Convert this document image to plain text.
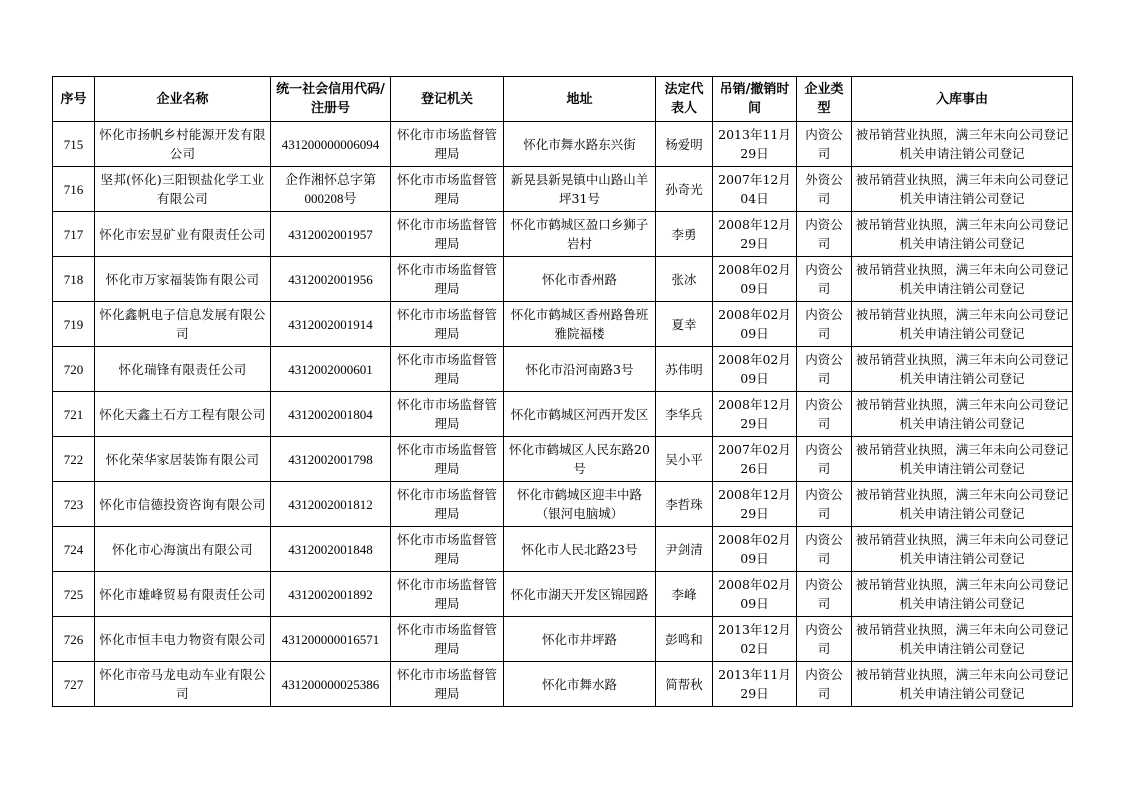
序号	企业名称	统一社会信用代码/注册号	登记机关	地址	法定代表人	吊销/撤销时间	企业类型	入库事由
715	怀化市扬帆乡村能源开发有限公司	431200000006094	怀化市市场监督管理局	怀化市舞水路东兴街	杨爱明	2013年11月29日	内资公司	被吊销营业执照，满三年未向公司登记机关申请注销公司登记
716	坚邦(怀化)三阳钡盐化学工业有限公司	企作湘怀总字第000208号	怀化市市场监督管理局	新晃县新晃镇中山路山羊坪31号	孙奇光	2007年12月04日	外资公司	被吊销营业执照，满三年未向公司登记机关申请注销公司登记
717	怀化市宏昱矿业有限责任公司	4312002001957	怀化市市场监督管理局	怀化市鹤城区盈口乡狮子岩村	李勇	2008年12月29日	内资公司	被吊销营业执照，满三年未向公司登记机关申请注销公司登记
718	怀化市万家福装饰有限公司	4312002001956	怀化市市场监督管理局	怀化市香州路	张冰	2008年02月09日	内资公司	被吊销营业执照，满三年未向公司登记机关申请注销公司登记
719	怀化鑫帆电子信息发展有限公司	4312002001914	怀化市市场监督管理局	怀化市鹤城区香州路鲁班雅院福楼	夏幸	2008年02月09日	内资公司	被吊销营业执照，满三年未向公司登记机关申请注销公司登记
720	怀化瑞锋有限责任公司	4312002000601	怀化市市场监督管理局	怀化市沿河南路3号	苏伟明	2008年02月09日	内资公司	被吊销营业执照，满三年未向公司登记机关申请注销公司登记
721	怀化天鑫土石方工程有限公司	4312002001804	怀化市市场监督管理局	怀化市鹤城区河西开发区	李华兵	2008年12月29日	内资公司	被吊销营业执照，满三年未向公司登记机关申请注销公司登记
722	怀化荣华家居装饰有限公司	4312002001798	怀化市市场监督管理局	怀化市鹤城区人民东路20号	吴小平	2007年02月26日	内资公司	被吊销营业执照，满三年未向公司登记机关申请注销公司登记
723	怀化市信德投资咨询有限公司	4312002001812	怀化市市场监督管理局	怀化市鹤城区迎丰中路（银河电脑城）	李哲珠	2008年12月29日	内资公司	被吊销营业执照，满三年未向公司登记机关申请注销公司登记
724	怀化市心海演出有限公司	4312002001848	怀化市市场监督管理局	怀化市人民北路23号	尹剑清	2008年02月09日	内资公司	被吊销营业执照，满三年未向公司登记机关申请注销公司登记
725	怀化市雄峰贸易有限责任公司	4312002001892	怀化市市场监督管理局	怀化市湖天开发区锦园路	李峰	2008年02月09日	内资公司	被吊销营业执照，满三年未向公司登记机关申请注销公司登记
726	怀化市恒丰电力物资有限公司	431200000016571	怀化市市场监督管理局	怀化市井坪路	彭鸣和	2013年12月02日	内资公司	被吊销营业执照，满三年未向公司登记机关申请注销公司登记
727	怀化市帝马龙电动车业有限公司	431200000025386	怀化市市场监督管理局	怀化市舞水路	简帮秋	2013年11月29日	内资公司	被吊销营业执照，满三年未向公司登记机关申请注销公司登记
